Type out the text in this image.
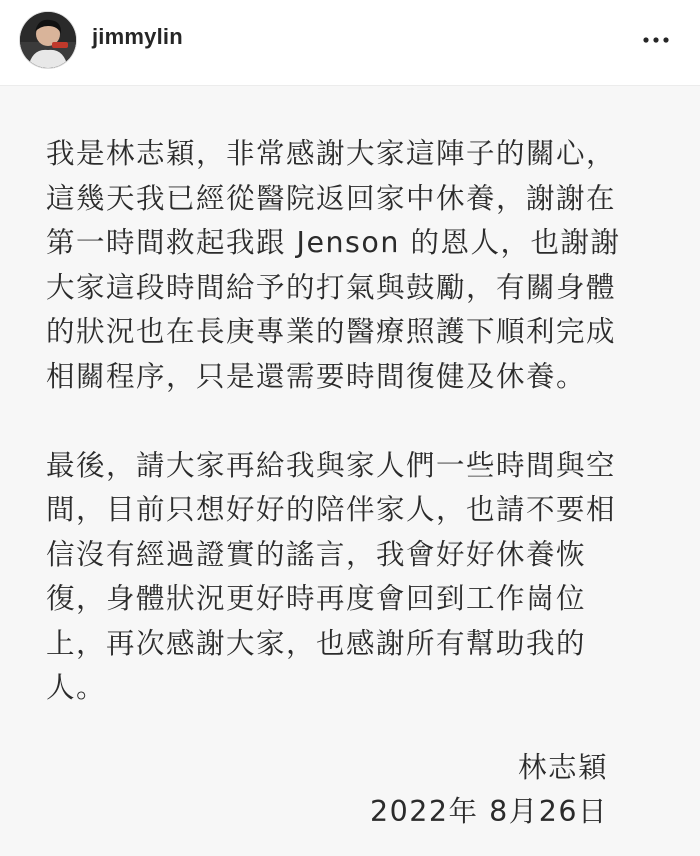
jimmylin

我是林志穎，非常感謝大家這陣子的關心，
這幾天我已經從醫院返回家中休養，謝謝在
第一時間救起我跟 Jenson 的恩人，也謝謝
大家這段時間給予的打氣與鼓勵，有關身體
的狀況也在長庚專業的醫療照護下順利完成
相關程序，只是還需要時間復健及休養。

最後，請大家再給我與家人們一些時間與空
間，目前只想好好的陪伴家人，也請不要相
信沒有經過證實的謠言，我會好好休養恢
復，身體狀況更好時再度會回到工作崗位
上，再次感謝大家，也感謝所有幫助我的
人。

林志穎
2022年 8月26日
